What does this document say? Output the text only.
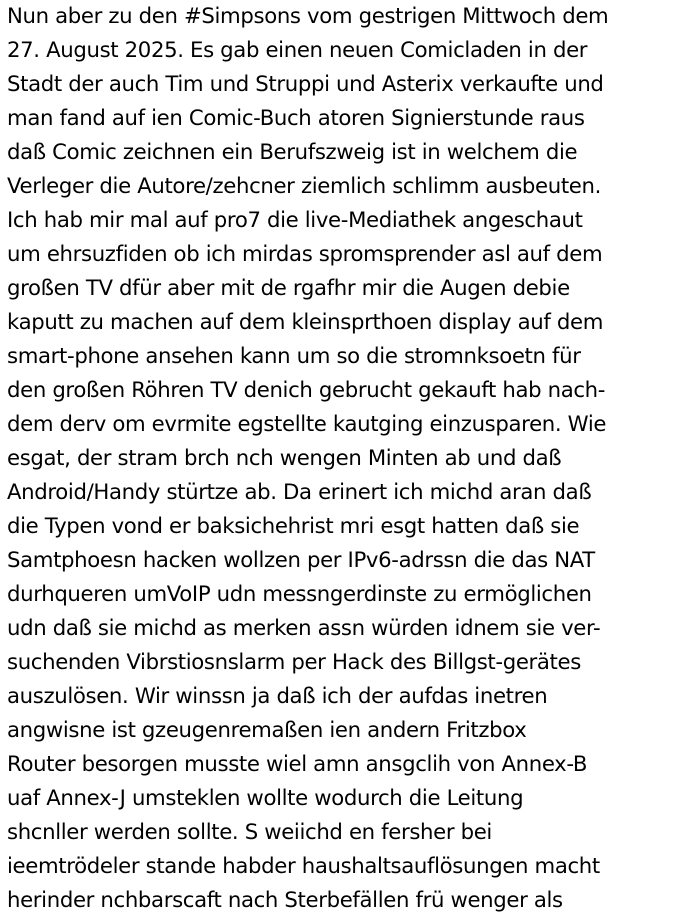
Nun aber zu den #Simpsons vom gestrigen Mittwoch dem
27. August 2025. Es gab einen neuen Comicladen in der
Stadt der auch Tim und Struppi und Asterix verkaufte und
man fand auf ien Comic-Buch atoren Signierstunde raus
daß Comic zeichnen ein Berufszweig ist in welchem die
Verleger die Autore/zehcner ziemlich schlimm ausbeuten.
Ich hab mir mal auf pro7 die live-Mediathek angeschaut
um ehrsuzfiden ob ich mirdas spromsprender asl auf dem
großen TV dfür aber mit de rgafhr mir die Augen debie
kaputt zu machen auf dem kleinsprthoen display auf dem
smart-phone ansehen kann um so die stromnksoetn für
den großen Röhren TV denich gebrucht gekauft hab nach-
dem derv om evrmite egstellte kautging einzusparen. Wie
esgat, der stram brch nch wengen Minten ab und daß
Android/Handy stürtze ab. Da erinert ich michd aran daß
die Typen vond er baksichehrist mri esgt hatten daß sie
Samtphoesn hacken wollzen per IPv6-adrssn die das NAT
durhqueren umVoIP udn messngerdinste zu ermöglichen
udn daß sie michd as merken assn würden idnem sie ver-
suchenden Vibrstiosnslarm per Hack des Billgst-gerätes
auszulösen. Wir winssn ja daß ich der aufdas inetren
angwisne ist gzeugenremaßen ien andern Fritzbox
Router besorgen musste wiel amn ansgclih von Annex-B
uaf Annex-J umsteklen wollte wodurch die Leitung
shcnller werden sollte. S weiichd en fersher bei
ieemtrödeler stande habder haushaltsauflösungen macht
herinder nchbarscaft nach Sterbefällen frü wenger als
